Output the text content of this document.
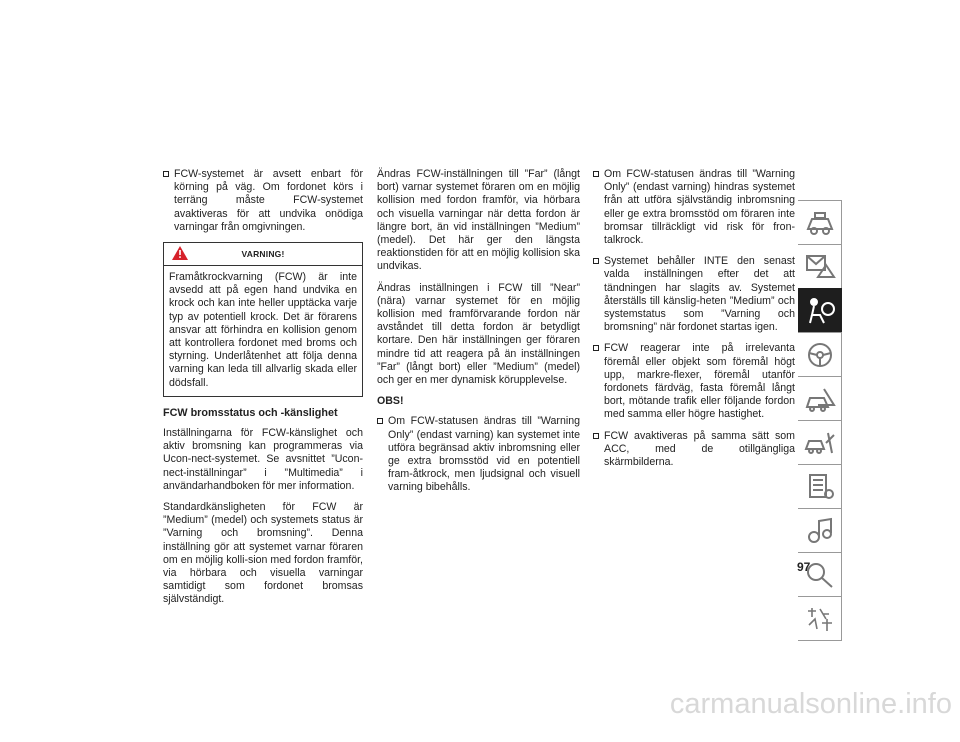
FCW-systemet är avsett enbart för körning på väg. Om fordonet körs i terräng måste FCW-systemet avaktiveras för att undvika onödiga varningar från omgivningen.
VARNING!
Framåtkrockvarning (FCW) är inte avsedd att på egen hand undvika en krock och kan inte heller upptäcka varje typ av potentiell krock. Det är förarens ansvar att förhindra en kollision genom att kontrollera fordonet med broms och styrning. Underlåtenhet att följa denna varning kan leda till allvarlig skada eller dödsfall.
FCW bromsstatus och -känslighet

Inställningarna för FCW-känslighet och aktiv bromsning kan programmeras via Ucon-nect-systemet. Se avsnittet ”Ucon-nect-inställningar” i ”Multimedia” i användarhandboken för mer information.

Standardkänsligheten för FCW är ”Medium” (medel) och systemets status är ”Varning och bromsning”. Denna inställning gör att systemet varnar föraren om en möjlig kolli-sion med fordon framför, via hörbara och visuella varningar samtidigt som fordonet bromsas självständigt.

Ändras FCW-inställningen till ”Far” (långt bort) varnar systemet föraren om en möjlig kollision med fordon framför, via hörbara och visuella varningar när detta fordon är längre bort, än vid inställningen ”Medium” (medel). Det här ger den längsta reaktionstiden för att en möjlig kollision ska undvikas.

Ändras inställningen i FCW till ”Near” (nära) varnar systemet för en möjlig kollision med framförvarande fordon när avståndet till detta fordon är betydligt kortare. Den här inställningen ger föraren mindre tid att reagera på än inställningen ”Far” (långt bort) eller ”Medium” (medel) och ger en mer dynamisk körupplevelse.

OBS!
Om FCW-statusen ändras till ”Warning Only” (endast varning) kan systemet inte utföra begränsad aktiv inbromsning eller ge extra bromsstöd vid en potentiell fram-åtkrock, men ljudsignal och visuell varning bibehålls.
Om FCW-statusen ändras till ”Warning Only” (endast varning) hindras systemet från att utföra självständig inbromsning eller ge extra bromsstöd om föraren inte bromsar tillräckligt vid risk för fron-talkrock.
Systemet behåller INTE den senast valda inställningen efter det att tändningen har slagits av. Systemet återställs till känslig-heten ”Medium” och systemstatus som ”Varning och bromsning” när fordonet startas igen.
FCW reagerar inte på irrelevanta föremål eller objekt som föremål högt upp, markre-flexer, föremål utanför fordonets färdväg, fasta föremål långt bort, mötande trafik eller följande fordon med samma eller högre hastighet.
FCW avaktiveras på samma sätt som ACC, med de otillgängliga skärmbilderna.
97
carmanualsonline.info
